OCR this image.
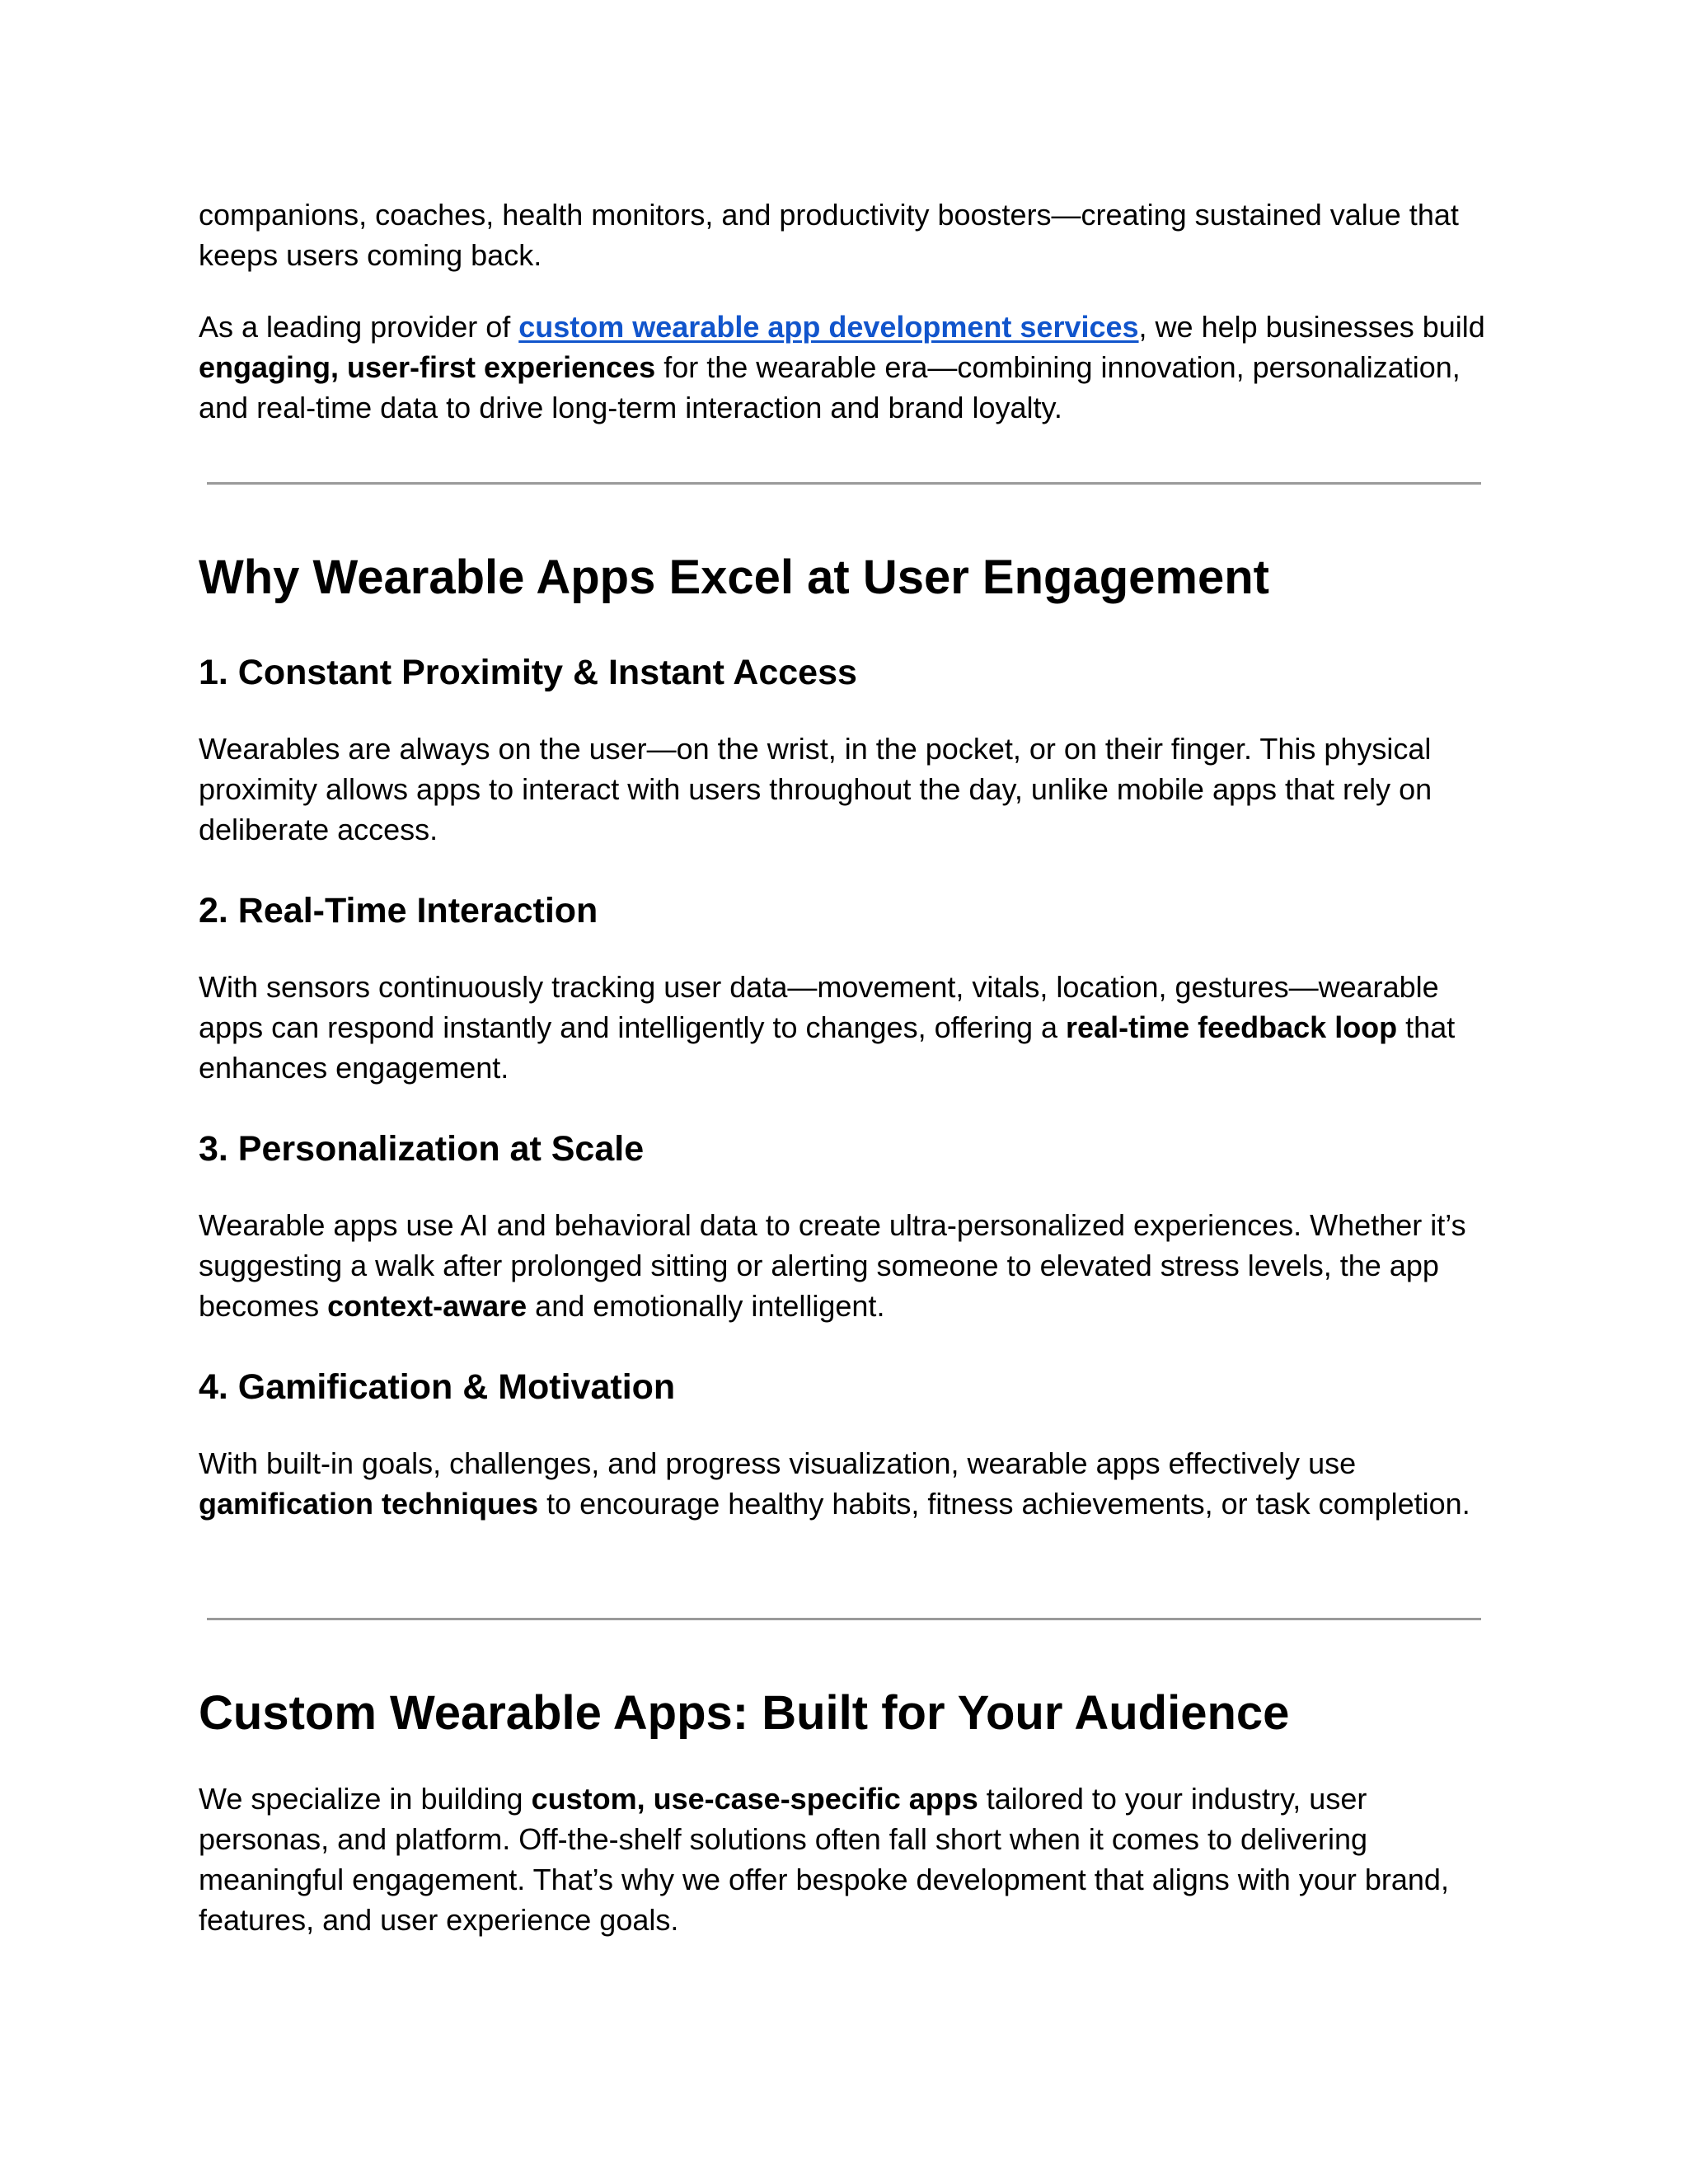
companions, coaches, health monitors, and productivity boosters—creating sustained value that keeps users coming back.

As a leading provider of custom wearable app development services, we help businesses build engaging, user-first experiences for the wearable era—combining innovation, personalization, and real-time data to drive long-term interaction and brand loyalty.

Why Wearable Apps Excel at User Engagement
1. Constant Proximity & Instant Access

Wearables are always on the user—on the wrist, in the pocket, or on their finger. This physical proximity allows apps to interact with users throughout the day, unlike mobile apps that rely on deliberate access.

2. Real-Time Interaction

With sensors continuously tracking user data—movement, vitals, location, gestures—wearable apps can respond instantly and intelligently to changes, offering a real-time feedback loop that enhances engagement.

3. Personalization at Scale

Wearable apps use AI and behavioral data to create ultra-personalized experiences. Whether it’s suggesting a walk after prolonged sitting or alerting someone to elevated stress levels, the app becomes context-aware and emotionally intelligent.

4. Gamification & Motivation

With built-in goals, challenges, and progress visualization, wearable apps effectively use gamification techniques to encourage healthy habits, fitness achievements, or task completion.

Custom Wearable Apps: Built for Your Audience

We specialize in building custom, use-case-specific apps tailored to your industry, user personas, and platform. Off-the-shelf solutions often fall short when it comes to delivering meaningful engagement. That’s why we offer bespoke development that aligns with your brand, features, and user experience goals.
